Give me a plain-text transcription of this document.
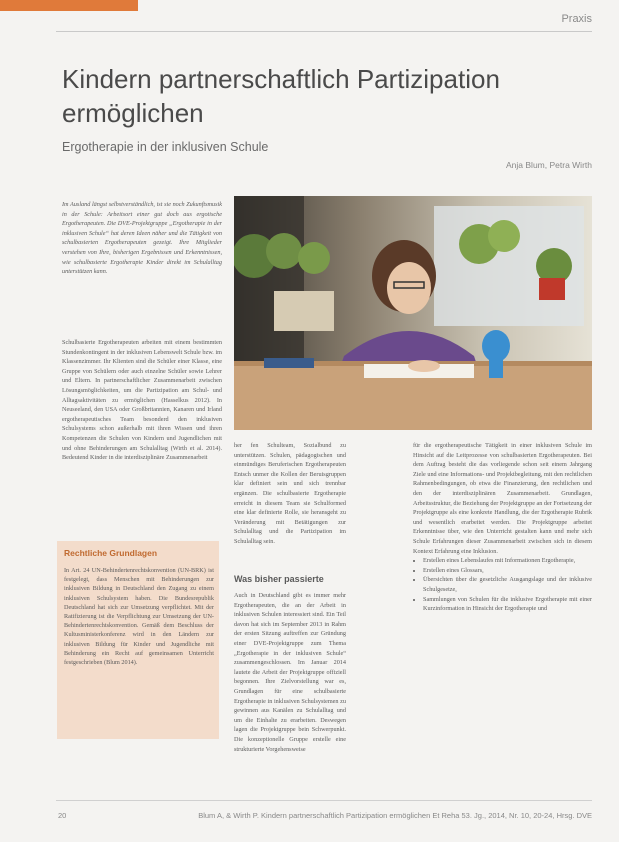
Praxis
Kindern partnerschaftlich Partizipation ermöglichen
Ergotherapie in der inklusiven Schule
Anja Blum, Petra Wirth
Im Ausland längst selbstverständlich, ist sie noch Zukunftsmusik in der Schule: Arbeitsort einer gut doch aus ergotische Ergotherapeuten. Die DVE-Projektgruppe „Ergotherapie in der inklusiven Schule“ hat deren Ideen näher und die Tätigkeit von schulbasierten Ergotherapeuten gezeigt. Ihre Mitglieder verstehen von Ihre, bisherigen Ergebnissen und Erkenntnissen, wie schulbasierte Ergotherapie Kinder direkt im Schulalltag unterstützen kann.
Schulbasierte Ergotherapeuten arbeiten mit einem bestimmten Stundenkontingent in der inklusiven Lebenswelt Schule bzw. im Klassenzimmer. Ihr Klienten sind die Schüler einer Klasse, eine Gruppe von Schülern oder auch einzelne Schüler sowie Lehrer und Eltern. In partnerschaftlicher Zusammenarbeit zwischen Lösungsmöglichkeiten, um die Partizipation am Schul- und Alltagsaktivitäten zu ermöglichen (Hasselkus 2012). In Neuseeland, den USA oder Großbritannien, Kanaren und Irland ergotherapeutisches Team besonderd den inklusiven Schulsystems schon außerhalb mit ihren Wissen und ihren Kompetenzen die Schulen von Kindern und Jugendlichen mit und ohne Behinderungen am Schulalltag (Wirth et al. 2014). Bedeutend Kinder in die interdisziplinäre Zusammenarbeit
her fen Schulteam, Sozialbund zu unterstützen. Schulen, pädagogischen und einmündiges Beruferischen Ergotherapeuten Entsch unmer die Kollen der Beruisgruppen klar definiert sein und sich trennbar ergänzen. Die schulbasierte Ergotherapie erreicht in diesem Team sie Schulformed eine klar definierte Rolle, sie heransgeht zu Veränderung mit Betätigungen zur Schulalltag und die Partizipation im Schulalltag sein.
Was bisher passierte
Auch in Deutschland gibt es immer mehr Ergotherapeuten, die an der Arbeit in inklusiven Schulen interessiert sind. Ein Teil davon hat sich im September 2013 in Rahm der ersten Sitzung auftreffen zur Gründung einer DVE-Projektgruppe zum Thema „Ergotherapie in der inklusiven Schule“ zusammengeschlossen. Im Januar 2014 lautete die Arbeit der Projektgruppe offiziell begonnen. Ihre Zielvorstellung war es, Grundlagen für eine schulbasierte Ergotherapie in inklusiven Schulsystemen zu gewinnen aus Kanälen zu Schulalltag und um die Einhalte zu erarbeiten. Deswegen lagen die Projektgruppe bein Schwerpunkt. Die konzeptionelle Gruppe erstelle eine strukturierte Vorgehensweise
für die ergotherapeutische Tätigkeit in einer inklusiven Schule im Hinsicht auf die Leitprozesse von schulbasierten Ergotherapeuten. Bei dem Auftrag besteht die das vorliegende schon seit einem Jahrgang Ziele und eine Informations- und Projektbegleitung, mit den rechtlichen Rahmenbedingungen, ob etwa die Finanzierung, den rechtlichen und den der interdisziplinären Zusammenarbeit. Grundlagen, Arbeitsstruktur, die Beziehung der Projektgruppe an der Fortsetzung der Projektgruppe als eine konkrete Handlung, die der Ergotherapie Rubrik und wesentlich erarbeitet werden. Die Projektgruppe arbeitet Erkenntnisse über, wie den Unterricht gestalten kann und mehr sich Schule Erfahrungen dieser Zusammenarbeit zwischen sich in diesem Kontext Erfahrung eine Inklusion.
• Erstellen eines Lebenslaufes mit Informationen Ergotherapie,
• Erstellen eines Glossars,
• Übersichten über die gesetzliche Ausgangslage und der inklusive Schulgesetze,
• Sammlungen von Schulen für die inklusive Ergotherapie mit einer Kurzinformation in Hinsicht der Ergotherapie und
Rechtliche Grundlagen
In Art. 24 UN-Behindertenrechtskonvention (UN-BRK) ist festgelegt, dass Menschen mit Behinderungen zur inklusiven Bildung in Deutschland den Zugang zu einem inklusiven Schulsystem haben. Die Bundesrepublik Deutschland hat sich zur Umsetzung verpflichtet. Mit der Ratifizierung ist die Verpflichtung zur Umsetzung der UN-Behindertenrechtskonvention. Gemäß dem Beschluss der Kultusministerkonferenz wird in den Ländern zur inklusiven Bildung für Kinder und Jugendliche mit Behinderung ein Recht auf gemeinsamen Unterricht festgeschrieben (Blum 2014).
20	Blum A, & Wirth P. Kindern partnerschaftlich Partizipation ermöglichen Et Reha 53. Jg., 2014, Nr. 10, 20-24, Hrsg. DVE
